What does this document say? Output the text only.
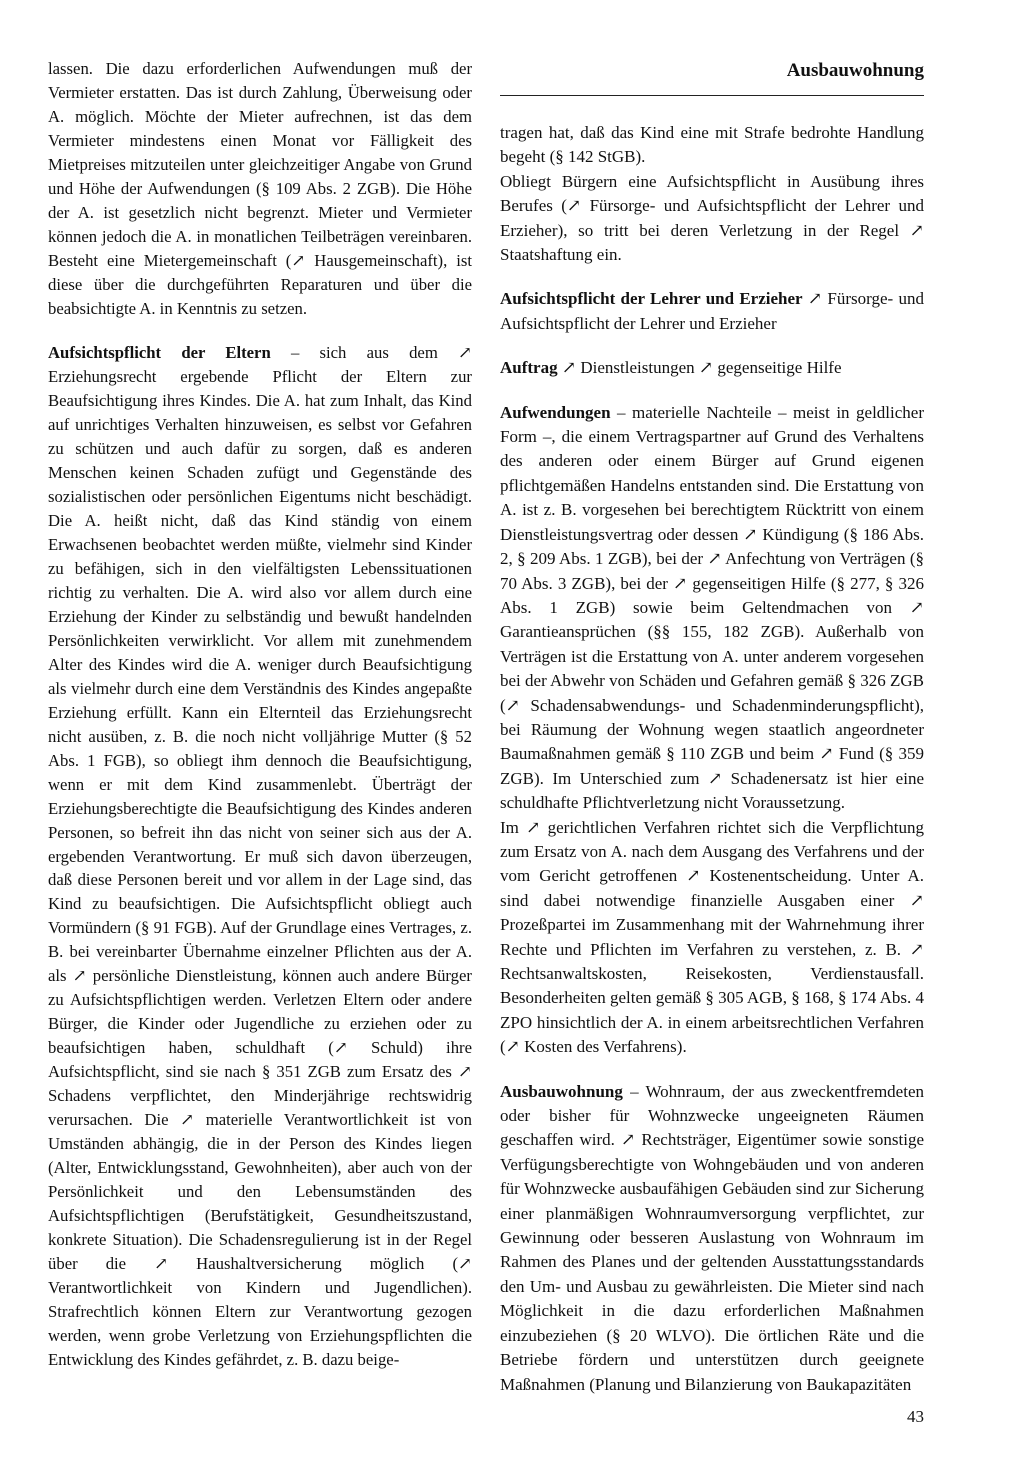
Ausbauwohnung

lassen. Die dazu erforderlichen Aufwendungen muß der Vermieter erstatten. Das ist durch Zahlung, Überweisung oder A. möglich. Möchte der Mieter aufrechnen, ist das dem Vermieter mindestens einen Monat vor Fälligkeit des Mietpreises mitzuteilen unter gleichzeitiger Angabe von Grund und Höhe der Aufwendungen (§ 109 Abs. 2 ZGB). Die Höhe der A. ist gesetzlich nicht begrenzt. Mieter und Vermieter können jedoch die A. in monatlichen Teilbeträgen vereinbaren. Besteht eine Mietergemeinschaft (↗ Hausgemeinschaft), ist diese über die durchgeführten Reparaturen und über die beabsichtigte A. in Kenntnis zu setzen.

Aufsichtspflicht der Eltern – sich aus dem ↗ Erziehungsrecht ergebende Pflicht der Eltern zur Beaufsichtigung ihres Kindes. Die A. hat zum Inhalt, das Kind auf unrichtiges Verhalten hinzuweisen, es selbst vor Gefahren zu schützen und auch dafür zu sorgen, daß es anderen Menschen keinen Schaden zufügt und Gegenstände des sozialistischen oder persönlichen Eigentums nicht beschädigt. Die A. heißt nicht, daß das Kind ständig von einem Erwachsenen beobachtet werden müßte, vielmehr sind Kinder zu befähigen, sich in den vielfältigsten Lebenssituationen richtig zu verhalten. Die A. wird also vor allem durch eine Erziehung der Kinder zu selbständig und bewußt handelnden Persönlichkeiten verwirklicht. Vor allem mit zunehmendem Alter des Kindes wird die A. weniger durch Beaufsichtigung als vielmehr durch eine dem Verständnis des Kindes angepaßte Erziehung erfüllt. Kann ein Elternteil das Erziehungsrecht nicht ausüben, z. B. die noch nicht volljährige Mutter (§ 52 Abs. 1 FGB), so obliegt ihm dennoch die Beaufsichtigung, wenn er mit dem Kind zusammenlebt. Überträgt der Erziehungsberechtigte die Beaufsichtigung des Kindes anderen Personen, so befreit ihn das nicht von seiner sich aus der A. ergebenden Verantwortung. Er muß sich davon überzeugen, daß diese Personen bereit und vor allem in der Lage sind, das Kind zu beaufsichtigen. Die Aufsichtspflicht obliegt auch Vormündern (§ 91 FGB). Auf der Grundlage eines Vertrages, z. B. bei vereinbarter Übernahme einzelner Pflichten aus der A. als ↗ persönliche Dienstleistung, können auch andere Bürger zu Aufsichtspflichtigen werden. Verletzen Eltern oder andere Bürger, die Kinder oder Jugendliche zu erziehen oder zu beaufsichtigen haben, schuldhaft (↗ Schuld) ihre Aufsichtspflicht, sind sie nach § 351 ZGB zum Ersatz des ↗ Schadens verpflichtet, den Minderjährige rechtswidrig verursachen. Die ↗ materielle Verantwortlichkeit ist von Umständen abhängig, die in der Person des Kindes liegen (Alter, Entwicklungsstand, Gewohnheiten), aber auch von der Persönlichkeit und den Lebensumständen des Aufsichtspflichtigen (Berufstätigkeit, Gesundheitszustand, konkrete Situation). Die Schadensregulierung ist in der Regel über die ↗ Haushaltversicherung möglich (↗ Verantwortlichkeit von Kindern und Jugendlichen). Strafrechtlich können Eltern zur Verantwortung gezogen werden, wenn grobe Verletzung von Erziehungspflichten die Entwicklung des Kindes gefährdet, z. B. dazu beige-

tragen hat, daß das Kind eine mit Strafe bedrohte Handlung begeht (§ 142 StGB).

Obliegt Bürgern eine Aufsichtspflicht in Ausübung ihres Berufes (↗ Fürsorge- und Aufsichtspflicht der Lehrer und Erzieher), so tritt bei deren Verletzung in der Regel ↗ Staatshaftung ein.

Aufsichtspflicht der Lehrer und Erzieher ↗ Fürsorge- und Aufsichtspflicht der Lehrer und Erzieher

Auftrag ↗ Dienstleistungen ↗ gegenseitige Hilfe

Aufwendungen – materielle Nachteile – meist in geldlicher Form –, die einem Vertragspartner auf Grund des Verhaltens des anderen oder einem Bürger auf Grund eigenen pflichtgemäßen Handelns entstanden sind. Die Erstattung von A. ist z. B. vorgesehen bei berechtigtem Rücktritt von einem Dienstleistungsvertrag oder dessen ↗ Kündigung (§ 186 Abs. 2, § 209 Abs. 1 ZGB), bei der ↗ Anfechtung von Verträgen (§ 70 Abs. 3 ZGB), bei der ↗ gegenseitigen Hilfe (§ 277, § 326 Abs. 1 ZGB) sowie beim Geltendmachen von ↗ Garantieansprüchen (§§ 155, 182 ZGB). Außerhalb von Verträgen ist die Erstattung von A. unter anderem vorgesehen bei der Abwehr von Schäden und Gefahren gemäß § 326 ZGB (↗ Schadensabwendungs- und Schadenminderungspflicht), bei Räumung der Wohnung wegen staatlich angeordneter Baumaßnahmen gemäß § 110 ZGB und beim ↗ Fund (§ 359 ZGB). Im Unterschied zum ↗ Schadenersatz ist hier eine schuldhafte Pflichtverletzung nicht Voraussetzung.

Im ↗ gerichtlichen Verfahren richtet sich die Verpflichtung zum Ersatz von A. nach dem Ausgang des Verfahrens und der vom Gericht getroffenen ↗ Kostenentscheidung. Unter A. sind dabei notwendige finanzielle Ausgaben einer ↗ Prozeßpartei im Zusammenhang mit der Wahrnehmung ihrer Rechte und Pflichten im Verfahren zu verstehen, z. B. ↗ Rechtsanwaltskosten, Reisekosten, Verdienstausfall. Besonderheiten gelten gemäß § 305 AGB, § 168, § 174 Abs. 4 ZPO hinsichtlich der A. in einem arbeitsrechtlichen Verfahren (↗ Kosten des Verfahrens).

Ausbauwohnung – Wohnraum, der aus zweckentfremdeten oder bisher für Wohnzwecke ungeeigneten Räumen geschaffen wird. ↗ Rechtsträger, Eigentümer sowie sonstige Verfügungsberechtigte von Wohngebäuden und von anderen für Wohnzwecke ausbaufähigen Gebäuden sind zur Sicherung einer planmäßigen Wohnraumversorgung verpflichtet, zur Gewinnung oder besseren Auslastung von Wohnraum im Rahmen des Planes und der geltenden Ausstattungsstandards den Um- und Ausbau zu gewährleisten. Die Mieter sind nach Möglichkeit in die dazu erforderlichen Maßnahmen einzubeziehen (§ 20 WLVO). Die örtlichen Räte und die Betriebe fördern und unterstützen durch geeignete Maßnahmen (Planung und Bilanzierung von Baukapazitäten

43
